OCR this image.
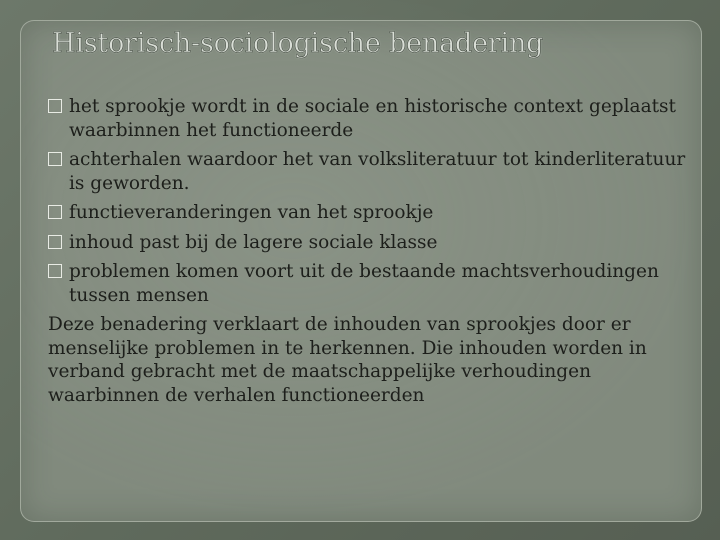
Historisch-sociologische benadering
het sprookje wordt in de sociale en historische context geplaatst waarbinnen het functioneerde
achterhalen waardoor het van volksliteratuur tot kinderliteratuur is geworden.
functieveranderingen van het sprookje
inhoud past bij de lagere sociale klasse
problemen komen voort uit de bestaande machtsverhoudingen tussen mensen

Deze benadering verklaart de inhouden van sprookjes door er menselijke problemen in te herkennen. Die inhouden worden in verband gebracht met de maatschappelijke verhoudingen waarbinnen de verhalen functioneerden
